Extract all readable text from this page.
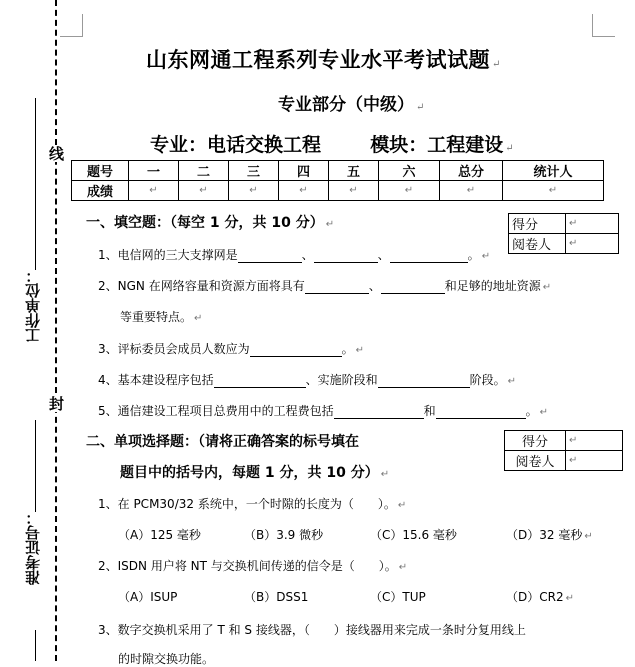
线
封
工作单位：
准考证号：
山东网通工程系列专业水平考试试题 ↵
专业部分（中级） ↵
专业：电话交换工程	模块：工程建设 ↵
题号	一	二	三	四	五	六	总分	统计人
成绩	↵	↵	↵	↵	↵	↵	↵	↵
一、填空题：（每空 1 分，共 10 分） ↵	得分	↵
阅卷人	↵
1、电信网的三大支撑网是	、	、	。 ↵
2、NGN 在网络容量和资源方面将具有	、	和足够的地址资源 ↵
等重要特点。 ↵
3、评标委员会成员人数应为	。 ↵
4、基本建设程序包括	、实施阶段和	阶段。 ↵
5、通信建设工程项目总费用中的工程费包括	和	。 ↵
二、单项选择题：（请将正确答案的标号填在
题目中的括号内，每题 1 分，共 10 分） ↵
得分	↵
阅卷人	↵
1、在 PCM30/32 系统中，一个时隙的长度为（　　）。 ↵
（A）125 毫秒	（B）3.9 微秒	（C）15.6 毫秒	（D）32 毫秒 ↵
2、ISDN 用户将 NT 与交换机间传递的信令是（　　）。 ↵
（A）ISUP	（B）DSS1	（C）TUP	（D）CR2 ↵
3、数字交换机采用了 T 和 S 接线器，（　　）接线器用来完成一条时分复用线上
的时隙交换功能。
